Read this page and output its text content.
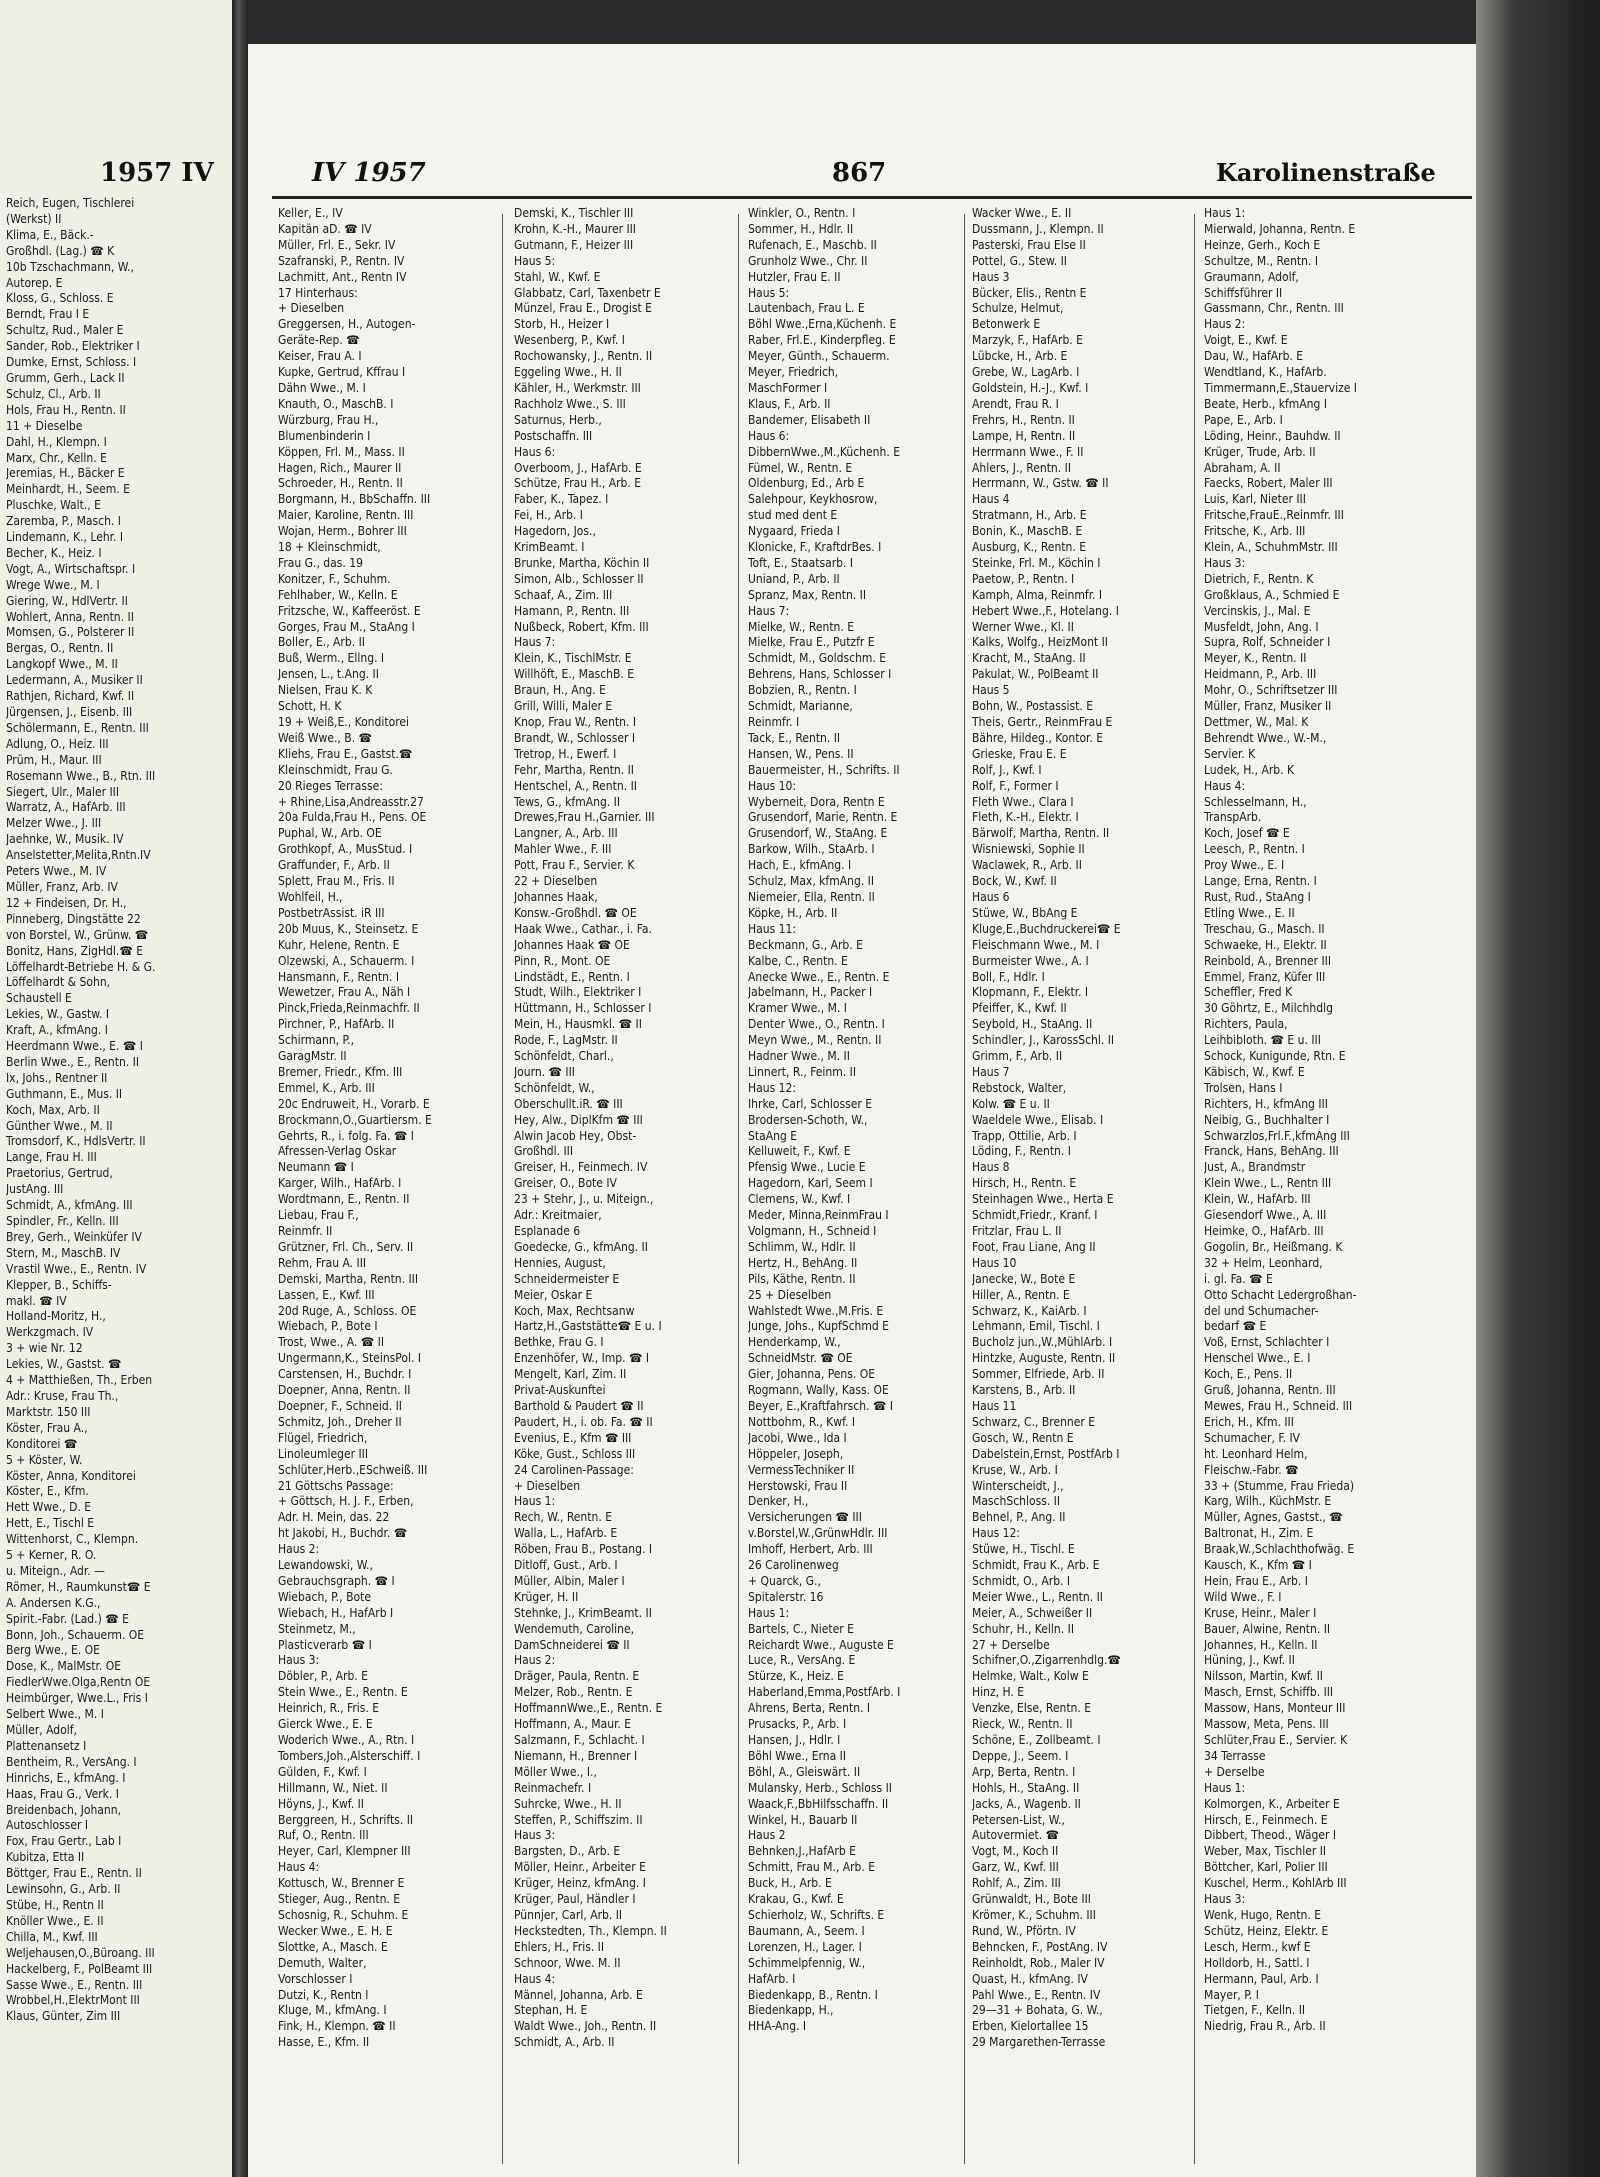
1957 IV
Reich, Eugen, Tischlerei
(Werkst) II
Klima, E., Bäck.-
Großhdl. (Lag.) ☎ K
10b Tzschachmann, W.,
Autorep. E
Kloss, G., Schloss. E
Berndt, Frau I E
Schultz, Rud., Maler E
Sander, Rob., Elektriker I
Dumke, Ernst, Schloss. I
Grumm, Gerh., Lack II
Schulz, Cl., Arb. II
Hols, Frau H., Rentn. II
11 + Dieselbe
Dahl, H., Klempn. I
Marx, Chr., Kelln. E
Jeremias, H., Bäcker E
Meinhardt, H., Seem. E
Pluschke, Walt., E
Zaremba, P., Masch. I
Lindemann, K., Lehr. I
Becher, K., Heiz. I
Vogt, A., Wirtschaftspr. I
Wrege Wwe., M. I
Giering, W., HdlVertr. II
Wohlert, Anna, Rentn. II
Momsen, G., Polsterer II
Bergas, O., Rentn. II
Langkopf Wwe., M. II
Ledermann, A., Musiker II
Rathjen, Richard, Kwf. II
Jürgensen, J., Eisenb. III
Schölermann, E., Rentn. III
Adlung, O., Heiz. III
Prüm, H., Maur. III
Rosemann Wwe., B., Rtn. III
Siegert, Ulr., Maler III
Warratz, A., HafArb. III
Melzer Wwe., J. III
Jaehnke, W., Musik. IV
Anselstetter,Melita,Rntn.IV
Peters Wwe., M. IV
Müller, Franz, Arb. IV
12 + Findeisen, Dr. H.,
Pinneberg, Dingstätte 22
von Borstel, W., Grünw. ☎
Bonitz, Hans, ZigHdl.☎ E
Löffelhardt-Betriebe H. & G.
Löffelhardt & Sohn,
Schaustell E
Lekies, W., Gastw. I
Kraft, A., kfmAng. I
Heerdmann Wwe., E. ☎ I
Berlin Wwe., E., Rentn. II
Ix, Johs., Rentner II
Guthmann, E., Mus. II
Koch, Max, Arb. II
Günther Wwe., M. II
Tromsdorf, K., HdlsVertr. II
Lange, Frau H. III
Praetorius, Gertrud,
JustAng. III
Schmidt, A., kfmAng. III
Spindler, Fr., Kelln. III
Brey, Gerh., Weinküfer IV
Stern, M., MaschB. IV
Vrastil Wwe., E., Rentn. IV
Klepper, B., Schiffs-
makl. ☎ IV
Holland-Moritz, H.,
Werkzgmach. IV
3 + wie Nr. 12
Lekies, W., Gastst. ☎
4 + Matthießen, Th., Erben
Adr.: Kruse, Frau Th.,
Marktstr. 150 III
Köster, Frau A.,
Konditorei ☎
5 + Köster, W.
Köster, Anna, Konditorei
Köster, E., Kfm.
Hett Wwe., D. E
Hett, E., Tischl E
Wittenhorst, C., Klempn.
5 + Kerner, R. O.
u. Miteign., Adr. —
Römer, H., Raumkunst☎ E
A. Andersen K.G.,
Spirit.-Fabr. (Lad.) ☎ E
Bonn, Joh., Schauerm. OE
Berg Wwe., E. OE
Dose, K., MalMstr. OE
FiedlerWwe.Olga,Rentn OE
Heimbürger, Wwe.L., Fris I
Selbert Wwe., M. I
Müller, Adolf,
Plattenansetz I
Bentheim, R., VersAng. I
Hinrichs, E., kfmAng. I
Haas, Frau G., Verk. I
Breidenbach, Johann,
Autoschlosser I
Fox, Frau Gertr., Lab I
Kubitza, Etta II
Böttger, Frau E., Rentn. II
Lewinsohn, G., Arb. II
Stübe, H., Rentn II
Knöller Wwe., E. II
Chilla, M., Kwf. III
Weljehausen,O.,Büroang. III
Hackelberg, F., PolBeamt III
Sasse Wwe., E., Rentn. III
Wrobbel,H.,ElektrMont III
Klaus, Günter, Zim III
IV 1957	867	Karolinenstraße
Keller, E., IV
Kapitän aD. ☎ IV
Müller, Frl. E., Sekr. IV
Szafranski, P., Rentn. IV
Lachmitt, Ant., Rentn IV
17 Hinterhaus:
+ Dieselben
Greggersen, H., Autogen-
Geräte-Rep. ☎
Keiser, Frau A. I
Kupke, Gertrud, Kffrau I
Dähn Wwe., M. I
Knauth, O., MaschB. I
Würzburg, Frau H.,
Blumenbinderin I
Köppen, Frl. M., Mass. II
Hagen, Rich., Maurer II
Schroeder, H., Rentn. II
Borgmann, H., BbSchaffn. III
Maier, Karoline, Rentn. III
Wojan, Herm., Bohrer III
18 + Kleinschmidt,
Frau G., das. 19
Konitzer, F., Schuhm.
Fehlhaber, W., Kelln. E
Fritzsche, W., Kaffeeröst. E
Gorges, Frau M., StaAng I
Boller, E., Arb. II
Buß, Werm., Ellng. I
Jensen, L., t.Ang. II
Nielsen, Frau K. K
Schott, H. K
19 + Weiß,E., Konditorei
Weiß Wwe., B. ☎
Kliehs, Frau E., Gastst.☎
Kleinschmidt, Frau G.
20 Rieges Terrasse:
+ Rhine,Lisa,Andreasstr.27
20a Fulda,Frau H., Pens. OE
Puphal, W., Arb. OE
Grothkopf, A., MusStud. I
Graffunder, F., Arb. II
Splett, Frau M., Fris. II
Wohlfeil, H.,
PostbetrAssist. iR III
20b Muus, K., Steinsetz. E
Kuhr, Helene, Rentn. E
Olzewski, A., Schauerm. I
Hansmann, F., Rentn. I
Wewetzer, Frau A., Näh I
Pinck,Frieda,Reinmachfr. II
Pirchner, P., HafArb. II
Schirmann, P.,
GaragMstr. II
Bremer, Friedr., Kfm. III
Emmel, K., Arb. III
20c Endruweit, H., Vorarb. E
Brockmann,O.,Guartiersm. E
Gehrts, R., i. folg. Fa. ☎ I
Afressen-Verlag Oskar
Neumann ☎ I
Karger, Wilh., HafArb. I
Wordtmann, E., Rentn. II
Liebau, Frau F.,
Reinmfr. II
Grützner, Frl. Ch., Serv. II
Rehm, Frau A. III
Demski, Martha, Rentn. III
Lassen, E., Kwf. III
20d Ruge, A., Schloss. OE
Wiebach, P., Bote I
Trost, Wwe., A. ☎ II
Ungermann,K., SteinsPol. I
Carstensen, H., Buchdr. I
Doepner, Anna, Rentn. II
Doepner, F., Schneid. II
Schmitz, Joh., Dreher II
Flügel, Friedrich,
Linoleumleger III
Schlüter,Herb.,ESchweiß. III
21 Göttschs Passage:
+ Göttsch, H. J. F., Erben,
Adr. H. Mein, das. 22
ht Jakobi, H., Buchdr. ☎
Haus 2:
Lewandowski, W.,
Gebrauchsgraph. ☎ I
Wiebach, P., Bote
Wiebach, H., HafArb I
Steinmetz, M.,
Plasticverarb ☎ I
Haus 3:
Döbler, P., Arb. E
Stein Wwe., E., Rentn. E
Heinrich, R., Fris. E
Gierck Wwe., E. E
Woderich Wwe., A., Rtn. I
Tombers,Joh.,Alsterschiff. I
Gülden, F., Kwf. I
Hillmann, W., Niet. II
Höyns, J., Kwf. II
Berggreen, H., Schrifts. II
Ruf, O., Rentn. III
Heyer, Carl, Klempner III
Haus 4:
Kottusch, W., Brenner E
Stieger, Aug., Rentn. E
Schosnig, R., Schuhm. E
Wecker Wwe., E. H. E
Slottke, A., Masch. E
Demuth, Walter,
Vorschlosser I
Dutzi, K., Rentn I
Kluge, M., kfmAng. I
Fink, H., Klempn. ☎ II
Hasse, E., Kfm. II
Demski, K., Tischler III
Krohn, K.-H., Maurer III
Gutmann, F., Heizer III
Haus 5:
Stahl, W., Kwf. E
Glabbatz, Carl, Taxenbetr E
Münzel, Frau E., Drogist E
Storb, H., Heizer I
Wesenberg, P., Kwf. I
Rochowansky, J., Rentn. II
Eggeling Wwe., H. II
Kähler, H., Werkmstr. III
Rachholz Wwe., S. III
Saturnus, Herb.,
Postschaffn. III
Haus 6:
Overboom, J., HafArb. E
Schütze, Frau H., Arb. E
Faber, K., Tapez. I
Fei, H., Arb. I
Hagedorn, Jos.,
KrimBeamt. I
Brunke, Martha, Köchin II
Simon, Alb., Schlosser II
Schaaf, A., Zim. III
Hamann, P., Rentn. III
Nußbeck, Robert, Kfm. III
Haus 7:
Klein, K., TischlMstr. E
Willhöft, E., MaschB. E
Braun, H., Ang. E
Grill, Willi, Maler E
Knop, Frau W., Rentn. I
Brandt, W., Schlosser I
Tretrop, H., Ewerf. I
Fehr, Martha, Rentn. II
Hentschel, A., Rentn. II
Tews, G., kfmAng. II
Drewes,Frau H.,Garnier. III
Langner, A., Arb. III
Mahler Wwe., F. III
Pott, Frau F., Servier. K
22 + Dieselben
Johannes Haak,
Konsw.-Großhdl. ☎ OE
Haak Wwe., Cathar., i. Fa.
Johannes Haak ☎ OE
Pinn, R., Mont. OE
Lindstädt, E., Rentn. I
Studt, Wilh., Elektriker I
Hüttmann, H., Schlosser I
Mein, H., Hausmkl. ☎ II
Rode, F., LagMstr. II
Schönfeldt, Charl.,
Journ. ☎ III
Schönfeldt, W.,
Oberschullt.iR. ☎ III
Hey, Alw., DiplKfm ☎ III
Alwin Jacob Hey, Obst-
Großhdl. III
Greiser, H., Feinmech. IV
Greiser, O., Bote IV
23 + Stehr, J., u. Miteign.,
Adr.: Kreitmaier,
Esplanade 6
Goedecke, G., kfmAng. II
Hennies, August,
Schneidermeister E
Meier, Oskar E
Koch, Max, Rechtsanw
Hartz,H.,Gaststätte☎ E u. I
Bethke, Frau G. I
Enzenhöfer, W., Imp. ☎ I
Mengelt, Karl, Zim. II
Privat-Auskunftei
Barthold & Paudert ☎ II
Paudert, H., i. ob. Fa. ☎ II
Evenius, E., Kfm ☎ III
Köke, Gust., Schloss III
24 Carolinen-Passage:
+ Dieselben
Haus 1:
Rech, W., Rentn. E
Walla, L., HafArb. E
Röben, Frau B., Postang. I
Ditloff, Gust., Arb. I
Müller, Albin, Maler I
Krüger, H. II
Stehnke, J., KrimBeamt. II
Wendemuth, Caroline,
DamSchneiderei ☎ II
Haus 2:
Dräger, Paula, Rentn. E
Melzer, Rob., Rentn. E
HoffmannWwe.,E., Rentn. E
Hoffmann, A., Maur. E
Salzmann, F., Schlacht. I
Niemann, H., Brenner I
Möller Wwe., I.,
Reinmachefr. I
Suhrcke, Wwe., H. II
Steffen, P., Schiffszim. II
Haus 3:
Bargsten, D., Arb. E
Möller, Heinr., Arbeiter E
Krüger, Heinz, kfmAng. I
Krüger, Paul, Händler I
Pünnjer, Carl, Arb. II
Heckstedten, Th., Klempn. II
Ehlers, H., Fris. II
Schnoor, Wwe. M. II
Haus 4:
Männel, Johanna, Arb. E
Stephan, H. E
Waldt Wwe., Joh., Rentn. II
Schmidt, A., Arb. II
Winkler, O., Rentn. I
Sommer, H., Hdlr. II
Rufenach, E., Maschb. II
Grunholz Wwe., Chr. II
Hutzler, Frau E. II
Haus 5:
Lautenbach, Frau L. E
Böhl Wwe.,Erna,Küchenh. E
Raber, Frl.E., Kinderpfleg. E
Meyer, Günth., Schauerm.
Meyer, Friedrich,
MaschFormer I
Klaus, F., Arb. II
Bandemer, Elisabeth II
Haus 6:
DibbernWwe.,M.,Küchenh. E
Fümel, W., Rentn. E
Oldenburg, Ed., Arb E
Salehpour, Keykhosrow,
stud med dent E
Nygaard, Frieda I
Klonicke, F., KraftdrBes. I
Toft, E., Staatsarb. I
Uniand, P., Arb. II
Spranz, Max, Rentn. II
Haus 7:
Mielke, W., Rentn. E
Mielke, Frau E., Putzfr E
Schmidt, M., Goldschm. E
Behrens, Hans, Schlosser I
Bobzien, R., Rentn. I
Schmidt, Marianne,
Reinmfr. I
Tack, E., Rentn. II
Hansen, W., Pens. II
Bauermeister, H., Schrifts. II
Haus 10:
Wyberneit, Dora, Rentn E
Grusendorf, Marie, Rentn. E
Grusendorf, W., StaAng. E
Barkow, Wilh., StaArb. I
Hach, E., kfmAng. I
Schulz, Max, kfmAng. II
Niemeier, Ella, Rentn. II
Köpke, H., Arb. II
Haus 11:
Beckmann, G., Arb. E
Kalbe, C., Rentn. E
Anecke Wwe., E., Rentn. E
Jabelmann, H., Packer I
Kramer Wwe., M. I
Denter Wwe., O., Rentn. I
Meyn Wwe., M., Rentn. II
Hadner Wwe., M. II
Linnert, R., Feinm. II
Haus 12:
Ihrke, Carl, Schlosser E
Brodersen-Schoth, W.,
StaAng E
Kelluweit, F., Kwf. E
Pfensig Wwe., Lucie E
Hagedorn, Karl, Seem I
Clemens, W., Kwf. I
Meder, Minna,ReinmFrau I
Volgmann, H., Schneid I
Schlimm, W., Hdlr. II
Hertz, H., BehAng. II
Pils, Käthe, Rentn. II
25 + Dieselben
Wahlstedt Wwe.,M.Fris. E
Junge, Johs., KupfSchmd E
Henderkamp, W.,
SchneidMstr. ☎ OE
Gier, Johanna, Pens. OE
Rogmann, Wally, Kass. OE
Beyer, E.,Kraftfahrsch. ☎ I
Nottbohm, R., Kwf. I
Jacobi, Wwe., Ida I
Höppeler, Joseph,
VermessTechniker II
Herstowski, Frau II
Denker, H.,
Versicherungen ☎ III
v.Borstel,W.,GrünwHdlr. III
Imhoff, Herbert, Arb. III
26 Carolinenweg
+ Quarck, G.,
Spitalerstr. 16
Haus 1:
Bartels, C., Nieter E
Reichardt Wwe., Auguste E
Luce, R., VersAng. E
Stürze, K., Heiz. E
Haberland,Emma,PostfArb. I
Ahrens, Berta, Rentn. I
Prusacks, P., Arb. I
Hansen, J., Hdlr. I
Böhl Wwe., Erna II
Böhl, A., Gleiswärt. II
Mulansky, Herb., Schloss II
Waack,F.,BbHilfsschaffn. II
Winkel, H., Bauarb II
Haus 2
Behnken,J.,HafArb E
Schmitt, Frau M., Arb. E
Buck, H., Arb. E
Krakau, G., Kwf. E
Schierholz, W., Schrifts. E
Baumann, A., Seem. I
Lorenzen, H., Lager. I
Schimmelpfennig, W.,
HafArb. I
Biedenkapp, B., Rentn. I
Biedenkapp, H.,
HHA-Ang. I
Wacker Wwe., E. II
Dussmann, J., Klempn. II
Pasterski, Frau Else II
Pottel, G., Stew. II
Haus 3
Bücker, Elis., Rentn E
Schulze, Helmut,
Betonwerk E
Marzyk, F., HafArb. E
Lübcke, H., Arb. E
Grebe, W., LagArb. I
Goldstein, H.-J., Kwf. I
Arendt, Frau R. I
Frehrs, H., Rentn. II
Lampe, H, Rentn. II
Herrmann Wwe., F. II
Ahlers, J., Rentn. II
Herrmann, W., Gstw. ☎ II
Haus 4
Stratmann, H., Arb. E
Bonin, K., MaschB. E
Ausburg, K., Rentn. E
Steinke, Frl. M., Köchin I
Paetow, P., Rentn. I
Kamph, Alma, Reinmfr. I
Hebert Wwe.,F., Hotelang. I
Werner Wwe., Kl. II
Kalks, Wolfg., HeizMont II
Kracht, M., StaAng. II
Pakulat, W., PolBeamt II
Haus 5
Bohn, W., Postassist. E
Theis, Gertr., ReinmFrau E
Bähre, Hildeg., Kontor. E
Grieske, Frau E. E
Rolf, J., Kwf. I
Rolf, F., Former I
Fleth Wwe., Clara I
Fleth, K.-H., Elektr. I
Bärwolf, Martha, Rentn. II
Wisniewski, Sophie II
Waclawek, R., Arb. II
Bock, W., Kwf. II
Haus 6
Stüwe, W., BbAng E
Kluge,E.,Buchdruckerei☎ E
Fleischmann Wwe., M. I
Burmeister Wwe., A. I
Boll, F., Hdlr. I
Klopmann, F., Elektr. I
Pfeiffer, K., Kwf. II
Seybold, H., StaAng. II
Schindler, J., KarossSchl. II
Grimm, F., Arb. II
Haus 7
Rebstock, Walter,
Kolw. ☎ E u. II
Waeldele Wwe., Elisab. I
Trapp, Ottilie, Arb. I
Löding, F., Rentn. I
Haus 8
Hirsch, H., Rentn. E
Steinhagen Wwe., Herta E
Schmidt,Friedr., Kranf. I
Fritzlar, Frau L. II
Foot, Frau Liane, Ang II
Haus 10
Janecke, W., Bote E
Hiller, A., Rentn. E
Schwarz, K., KaiArb. I
Lehmann, Emil, Tischl. I
Bucholz jun.,W.,MühlArb. I
Hintzke, Auguste, Rentn. II
Sommer, Elfriede, Arb. II
Karstens, B., Arb. II
Haus 11
Schwarz, C., Brenner E
Gosch, W., Rentn E
Dabelstein,Ernst, PostfArb I
Kruse, W., Arb. I
Winterscheidt, J.,
MaschSchloss. II
Behnel, P., Ang. II
Haus 12:
Stüwe, H., Tischl. E
Schmidt, Frau K., Arb. E
Schmidt, O., Arb. I
Meier Wwe., L., Rentn. II
Meier, A., Schweißer II
Schuhr, H., Kelln. II
27 + Derselbe
Schifner,O.,Zigarrenhdlg.☎
Helmke, Walt., Kolw E
Hinz, H. E
Venzke, Else, Rentn. E
Rieck, W., Rentn. II
Schöne, E., Zollbeamt. I
Deppe, J., Seem. I
Arp, Berta, Rentn. I
Hohls, H., StaAng. II
Jacks, A., Wagenb. II
Petersen-List, W.,
Autovermiet. ☎
Vogt, M., Koch II
Garz, W., Kwf. III
Rohlf, A., Zim. III
Grünwaldt, H., Bote III
Krömer, K., Schuhm. III
Rund, W., Pförtn. IV
Behncken, F., PostAng. IV
Reinholdt, Rob., Maler IV
Quast, H., kfmAng. IV
Pahl Wwe., E., Rentn. IV
29—31 + Bohata, G. W.,
Erben, Kielortallee 15
29 Margarethen-Terrasse
Haus 1:
Mierwald, Johanna, Rentn. E
Heinze, Gerh., Koch E
Schultze, M., Rentn. I
Graumann, Adolf,
Schiffsführer II
Gassmann, Chr., Rentn. III
Haus 2:
Voigt, E., Kwf. E
Dau, W., HafArb. E
Wendtland, K., HafArb.
Timmermann,E.,Stauervize I
Beate, Herb., kfmAng I
Pape, E., Arb. I
Löding, Heinr., Bauhdw. II
Krüger, Trude, Arb. II
Abraham, A. II
Faecks, Robert, Maler III
Luis, Karl, Nieter III
Fritsche,FrauE.,Reinmfr. III
Fritsche, K., Arb. III
Klein, A., SchuhmMstr. III
Haus 3:
Dietrich, F., Rentn. K
Großklaus, A., Schmied E
Vercinskis, J., Mal. E
Musfeldt, John, Ang. I
Supra, Rolf, Schneider I
Meyer, K., Rentn. II
Heidmann, P., Arb. III
Mohr, O., Schriftsetzer III
Müller, Franz, Musiker II
Dettmer, W., Mal. K
Behrendt Wwe., W.-M.,
Servier. K
Ludek, H., Arb. K
Haus 4:
Schlesselmann, H.,
TranspArb.
Koch, Josef ☎ E
Leesch, P., Rentn. I
Proy Wwe., E. I
Lange, Erna, Rentn. I
Rust, Rud., StaAng I
Etling Wwe., E. II
Treschau, G., Masch. II
Schwaeke, H., Elektr. II
Reinbold, A., Brenner III
Emmel, Franz, Küfer III
Scheffler, Fred K
30 Göhrtz, E., Milchhdlg
Richters, Paula,
Leihbibloth. ☎ E u. III
Schock, Kunigunde, Rtn. E
Käbisch, W., Kwf. E
Trolsen, Hans I
Richters, H., kfmAng III
Neibig, G., Buchhalter I
Schwarzlos,Frl.F.,kfmAng III
Franck, Hans, BehAng. III
Just, A., Brandmstr
Klein Wwe., L., Rentn III
Klein, W., HafArb. III
Giesendorf Wwe., A. III
Heimke, O., HafArb. III
Gogolin, Br., Heißmang. K
32 + Helm, Leonhard,
i. gl. Fa. ☎ E
Otto Schacht Ledergroßhan-
del und Schumacher-
bedarf ☎ E
Voß, Ernst, Schlachter I
Henschel Wwe., E. I
Koch, E., Pens. II
Gruß, Johanna, Rentn. III
Mewes, Frau H., Schneid. III
Erich, H., Kfm. III
Schumacher, F. IV
ht. Leonhard Helm,
Fleischw.-Fabr. ☎
33 + (Stumme, Frau Frieda)
Karg, Wilh., KüchMstr. E
Müller, Agnes, Gastst., ☎
Baltronat, H., Zim. E
Braak,W.,Schlachthofwäg. E
Kausch, K., Kfm ☎ I
Hein, Frau E., Arb. I
Wild Wwe., F. I
Kruse, Heinr., Maler I
Bauer, Alwine, Rentn. II
Johannes, H., Kelln. II
Hüning, J., Kwf. II
Nilsson, Martin, Kwf. II
Masch, Ernst, Schiffb. III
Massow, Hans, Monteur III
Massow, Meta, Pens. III
Schlüter,Frau E., Servier. K
34 Terrasse
+ Derselbe
Haus 1:
Kolmorgen, K., Arbeiter E
Hirsch, E., Feinmech. E
Dibbert, Theod., Wäger I
Weber, Max, Tischler II
Böttcher, Karl, Polier III
Kuschel, Herm., KohlArb III
Haus 3:
Wenk, Hugo, Rentn. E
Schütz, Heinz, Elektr. E
Lesch, Herm., kwf E
Holldorb, H., Sattl. I
Hermann, Paul, Arb. I
Mayer, P. I
Tietgen, F., Kelln. II
Niedrig, Frau R., Arb. II
